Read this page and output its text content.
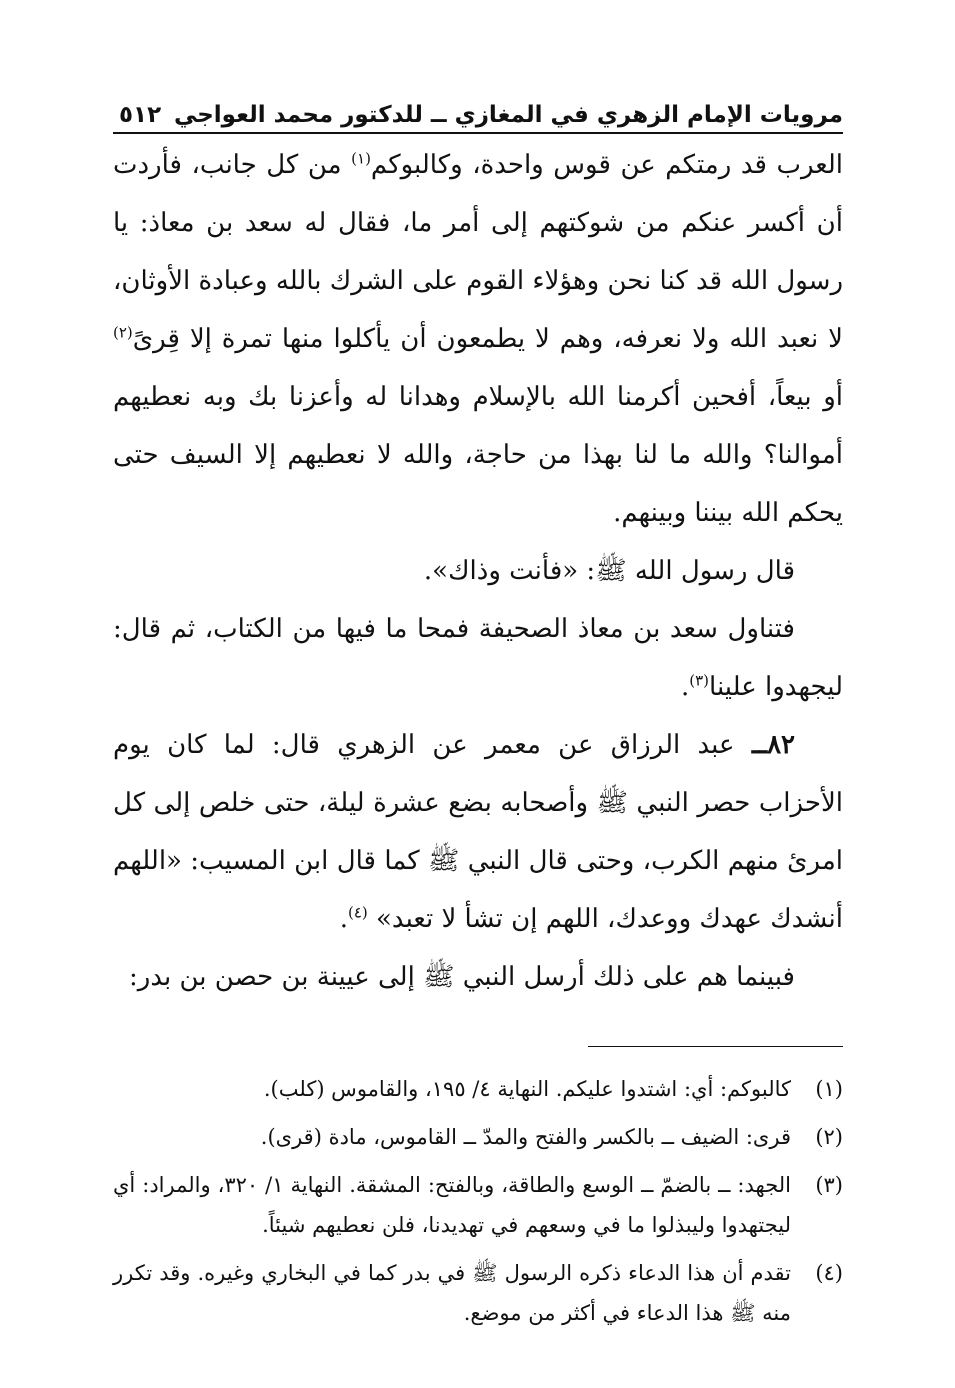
مرويات الإمام الزهري في المغازي ــ للدكتور محمد العواجي
٥١٢

العرب قد رمتكم عن قوس واحدة، وكالبوكم$^{(١)}$ من كل جانب، فأردت أن أكسر عنكم من شوكتهم إلى أمر ما، فقال له سعد بن معاذ: يا رسول الله قد كنا نحن وهؤلاء القوم على الشرك بالله وعبادة الأوثان، لا نعبد الله ولا نعرفه، وهم لا يطمعون أن يأكلوا منها تمرة إلا قِرىً$^{(٢)}$ أو بيعاً، أفحين أكرمنا الله بالإسلام وهدانا له وأعزنا بك وبه نعطيهم أموالنا؟ والله ما لنا بهذا من حاجة، والله لا نعطيهم إلا السيف حتى يحكم الله بيننا وبينهم.

قال رسول الله ﷺ: «فأنت وذاك».

فتناول سعد بن معاذ الصحيفة فمحا ما فيها من الكتاب، ثم قال: ليجهدوا علينا$^{(٣)}$.

٨٢ــ عبد الرزاق عن معمر عن الزهري قال: لما كان يوم الأحزاب حصر النبي ﷺ وأصحابه بضع عشرة ليلة، حتى خلص إلى كل امرئ منهم الكرب، وحتى قال النبي ﷺ كما قال ابن المسيب: «اللهم أنشدك عهدك ووعدك، اللهم إن تشأ لا تعبد» $^{(٤)}$.

فبينما هم على ذلك أرسل النبي ﷺ إلى عيينة بن حصن بن بدر:

(١)
كالبوكم: أي: اشتدوا عليكم. النهاية ٤/ ١٩٥، والقاموس (كلب).
(٢)
قرى: الضيف ــ بالكسر والفتح والمدّ ــ القاموس، مادة (قرى).
(٣)
الجهد: ــ بالضمّ ــ الوسع والطاقة، وبالفتح: المشقة. النهاية ١/ ٣٢٠، والمراد: أي ليجتهدوا وليبذلوا ما في وسعهم في تهديدنا، فلن نعطيهم شيئاً.
(٤)
تقدم أن هذا الدعاء ذكره الرسول ﷺ في بدر كما في البخاري وغيره. وقد تكرر منه ﷺ هذا الدعاء في أكثر من موضع.
